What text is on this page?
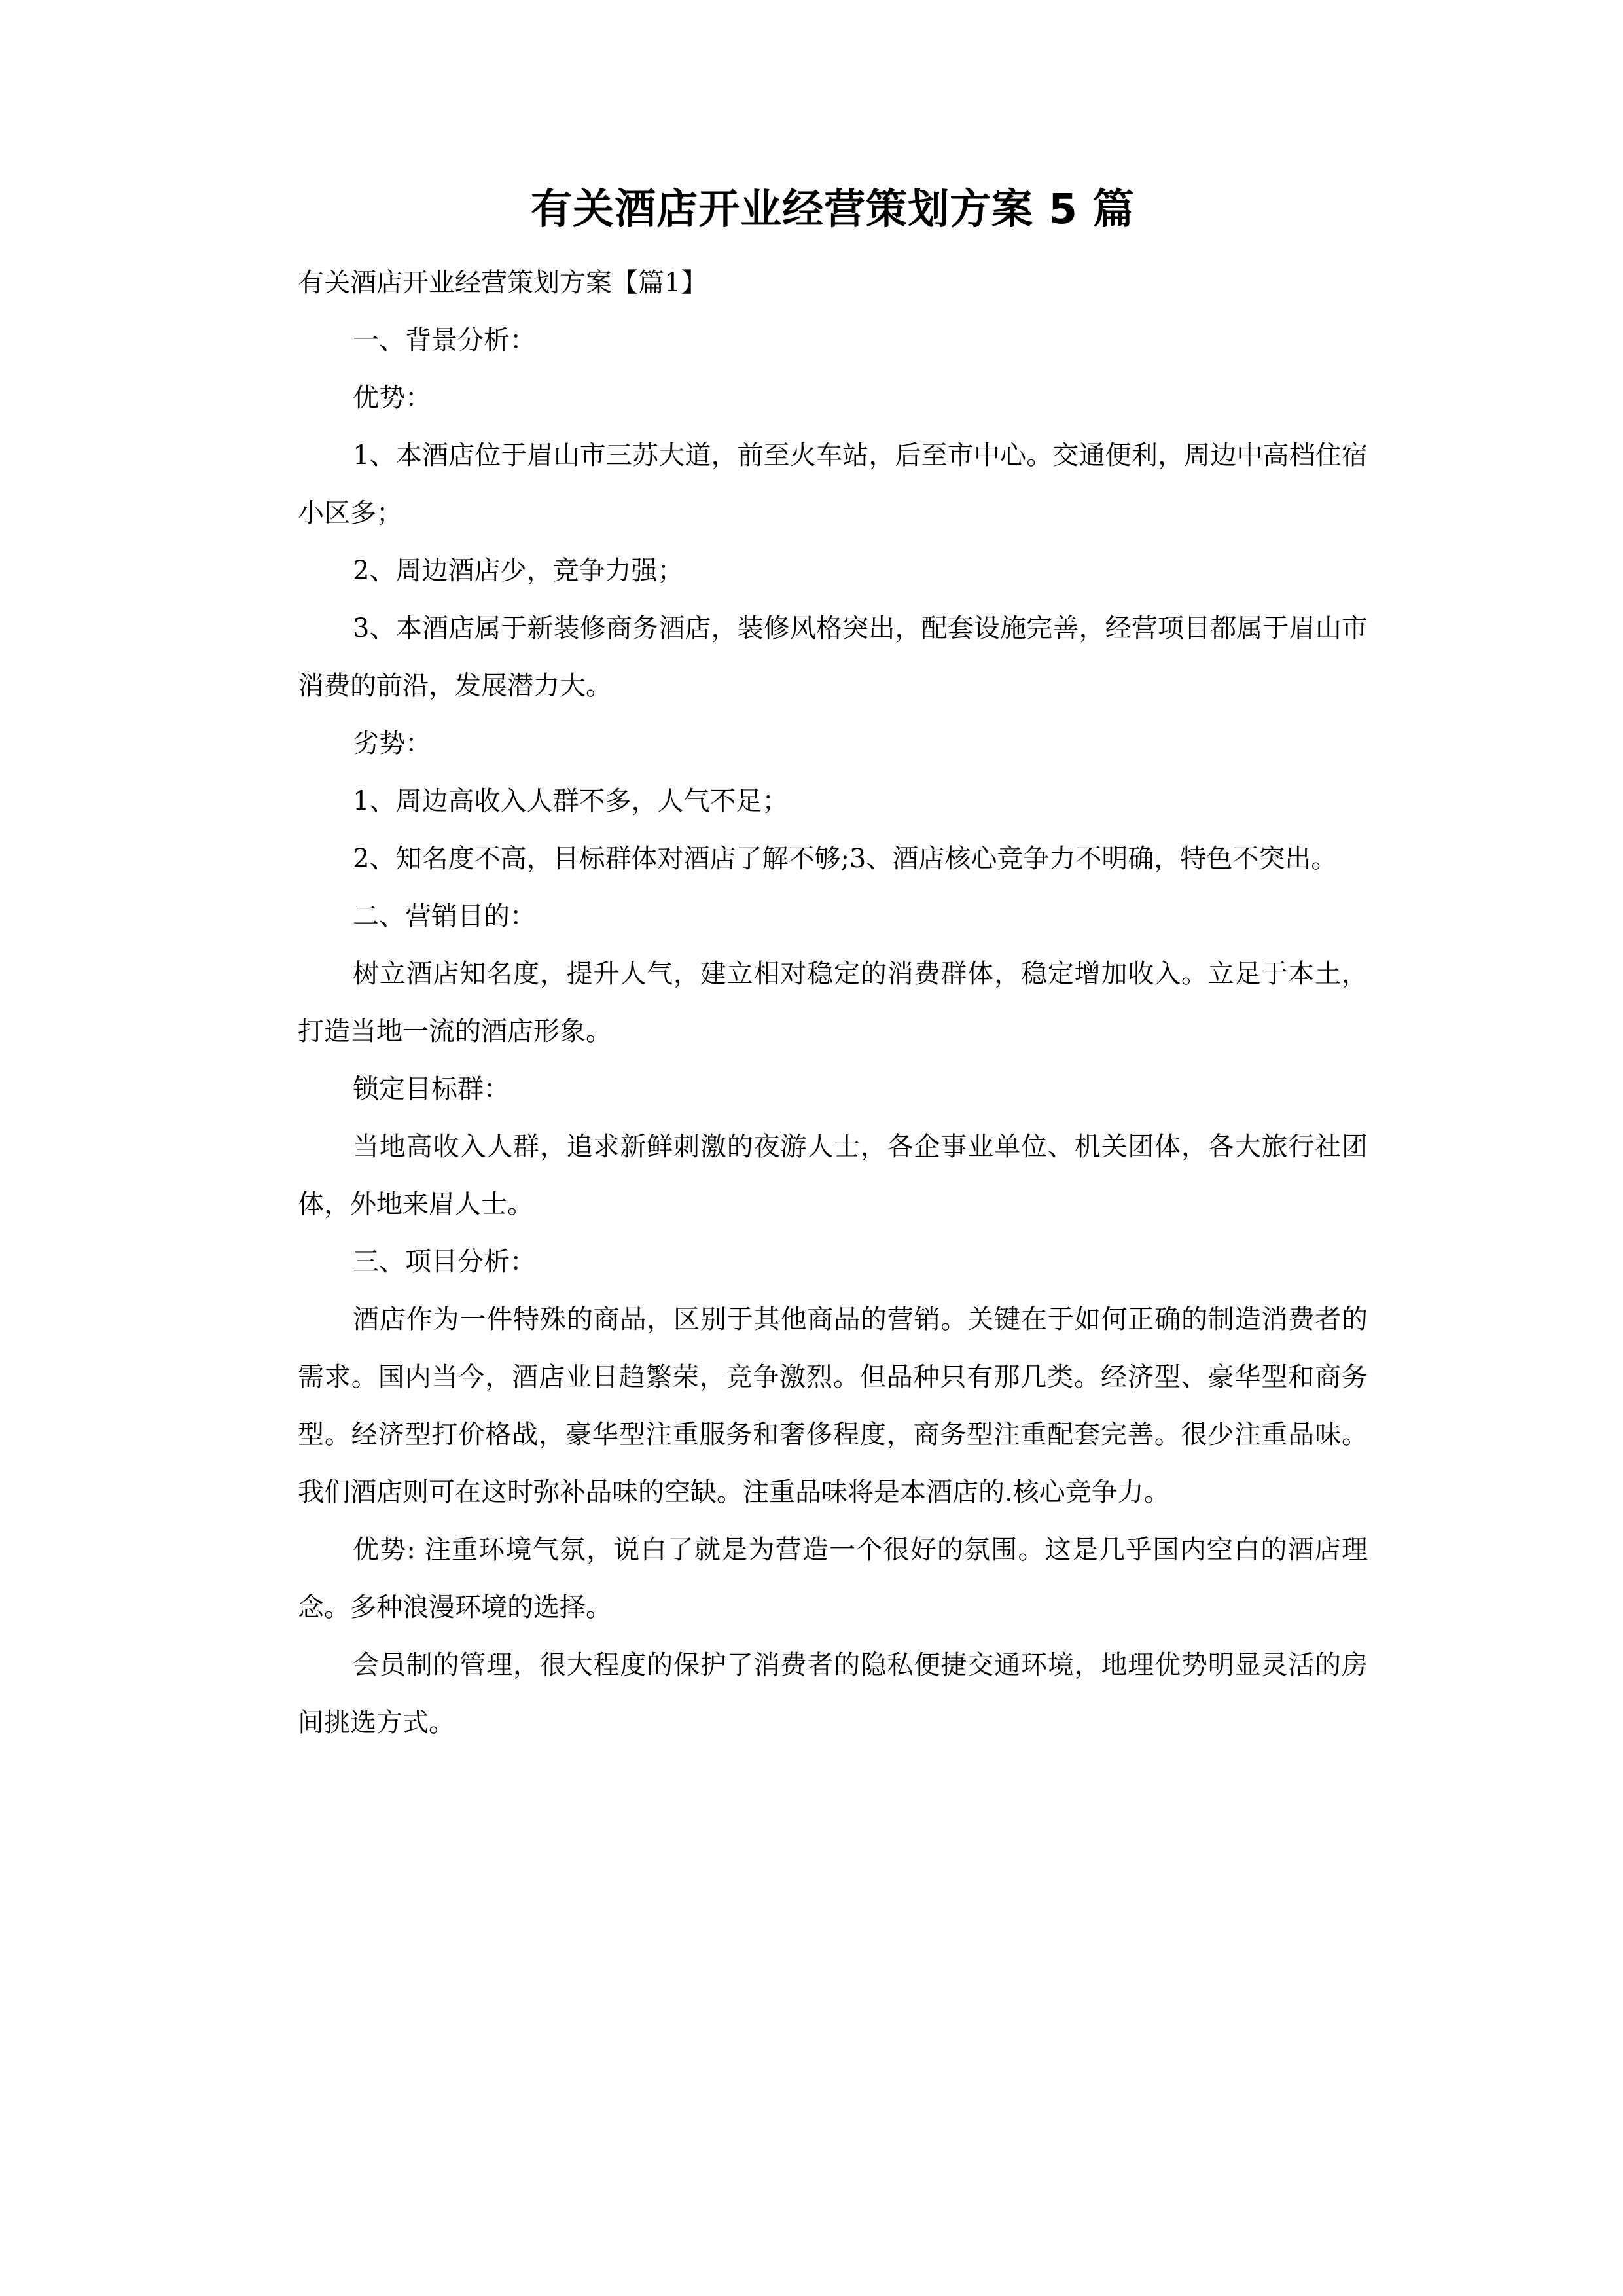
有关酒店开业经营策划方案 5 篇

有关酒店开业经营策划方案【篇1】

一、背景分析：

优势：

1、本酒店位于眉山市三苏大道，前至火车站，后至市中心。交通便利，周边中高档住宿小区多；

2、周边酒店少，竞争力强；

3、本酒店属于新装修商务酒店，装修风格突出，配套设施完善，经营项目都属于眉山市消费的前沿，发展潜力大。

劣势：

1、周边高收入人群不多，人气不足；

2、知名度不高，目标群体对酒店了解不够;3、酒店核心竞争力不明确，特色不突出。

二、营销目的：

树立酒店知名度，提升人气，建立相对稳定的消费群体，稳定增加收入。立足于本土，打造当地一流的酒店形象。

锁定目标群：

当地高收入人群，追求新鲜刺激的夜游人士，各企事业单位、机关团体，各大旅行社团体，外地来眉人士。

三、项目分析：

酒店作为一件特殊的商品，区别于其他商品的营销。关键在于如何正确的制造消费者的需求。国内当今，酒店业日趋繁荣，竞争激烈。但品种只有那几类。经济型、豪华型和商务型。经济型打价格战，豪华型注重服务和奢侈程度，商务型注重配套完善。很少注重品味。我们酒店则可在这时弥补品味的空缺。注重品味将是本酒店的.核心竞争力。

优势: 注重环境气氛，说白了就是为营造一个很好的氛围。这是几乎国内空白的酒店理念。多种浪漫环境的选择。

会员制的管理，很大程度的保护了消费者的隐私便捷交通环境，地理优势明显灵活的房间挑选方式。
